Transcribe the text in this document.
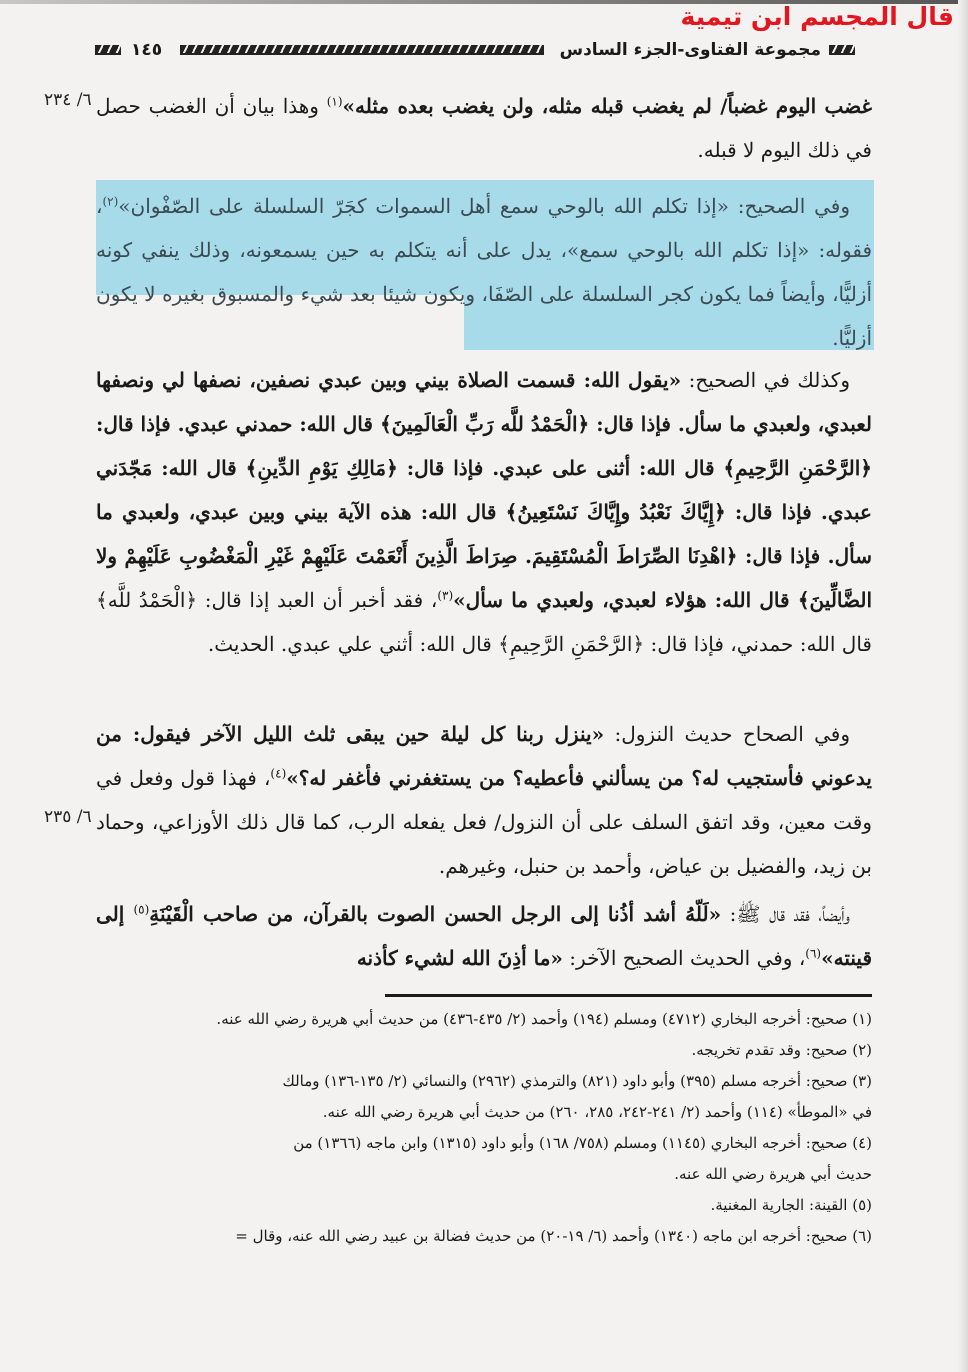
قال المجسم ابن تيمية
مجموعة الفتاوى-الجزء السادس
١٤٥
٦/ ٢٣٤
٦/ ٢٣٥

غضب اليوم غضباً/ لم يغضب قبله مثله، ولن يغضب بعده مثله»$^{(١)}$ وهذا بيان أن الغضب حصل في ذلك اليوم لا قبله.

وفي الصحيح: «إذا تكلم الله بالوحي سمع أهل السموات كجَرّ السلسلة على الصّفْوان»$^{(٢)}$، فقوله: «إذا تكلم الله بالوحي سمع»، يدل على أنه يتكلم به حين يسمعونه، وذلك ينفي كونه أزليًّا، وأيضاً فما يكون كجر السلسلة على الصّفَا، ويكون شيئا بعد شيء والمسبوق بغيره لا يكون أزليًّا.

وكذلك في الصحيح: «يقول الله: قسمت الصلاة بيني وبين عبدي نصفين، نصفها لي ونصفها لعبدي، ولعبدي ما سأل. فإذا قال: ﴿الْحَمْدُ للَّه رَبِّ الْعَالَمِينَ﴾ قال الله: حمدني عبدي. فإذا قال: ﴿الرَّحْمَنِ الرَّحِيمِ﴾ قال الله: أثنى على عبدي. فإذا قال: ﴿مَالِكِ يَوْمِ الدِّينِ﴾ قال الله: مَجّدَني عبدي. فإذا قال: ﴿إِيَّاكَ نَعْبُدُ وإِيَّاكَ نَسْتَعِينُ﴾ قال الله: هذه الآية بيني وبين عبدي، ولعبدي ما سأل. فإذا قال: ﴿اهْدِنَا الصِّرَاطَ الْمُسْتَقِيمَ. صِرَاطَ الَّذِينَ أَنْعَمْتَ عَلَيْهِمْ غَيْرِ الْمَغْضُوبِ عَلَيْهِمْ ولا الضَّالِّينَ﴾ قال الله: هؤلاء لعبدي، ولعبدي ما سأل»$^{(٣)}$، فقد أخبر أن العبد إذا قال: ﴿الْحَمْدُ للَّه﴾ قال الله: حمدني، فإذا قال: ﴿الرَّحْمَنِ الرَّحِيمِ﴾ قال الله: أثني علي عبدي. الحديث.

وفي الصحاح حديث النزول: «ينزل ربنا كل ليلة حين يبقى ثلث الليل الآخر فيقول: من يدعوني فأستجيب له؟ من يسألني فأعطيه؟ من يستغفرني فأغفر له؟»$^{(٤)}$، فهذا قول وفعل في وقت معين، وقد اتفق السلف على أن النزول/ فعل يفعله الرب، كما قال ذلك الأوزاعي، وحماد بن زيد، والفضيل بن عياض، وأحمد بن حنبل، وغيرهم.

وأيضاً، فقد قال ﷺ: «لَلّهُ أشد أذُنا إلى الرجل الحسن الصوت بالقرآن، من صاحب الْقَيْنَةِ$^{(٥)}$ إلى قينته»$^{(٦)}$، وفي الحديث الصحيح الآخر: «ما أذِنَ الله لشيء كأذنه

(١) صحيح: أخرجه البخاري (٤٧١٢) ومسلم (١٩٤) وأحمد (٢/ ٤٣٥-٤٣٦) من حديث أبي هريرة رضي الله عنه.

(٢) صحيح: وقد تقدم تخريجه.

(٣) صحيح: أخرجه مسلم (٣٩٥) وأبو داود (٨٢١) والترمذي (٢٩٦٢) والنسائي (٢/ ١٣٥-١٣٦) ومالك

في «الموطأ» (١١٤) وأحمد (٢/ ٢٤١-٢٤٢، ٢٨٥، ٢٦٠) من حديث أبي هريرة رضي الله عنه.

(٤) صحيح: أخرجه البخاري (١١٤٥) ومسلم (٧٥٨/ ١٦٨) وأبو داود (١٣١٥) وابن ماجه (١٣٦٦) من

حديث أبي هريرة رضي الله عنه.

(٥) القينة: الجارية المغنية.

(٦) صحيح: أخرجه ابن ماجه (١٣٤٠) وأحمد (٦/ ١٩-٢٠) من حديث فضالة بن عبيد رضي الله عنه، وقال =
